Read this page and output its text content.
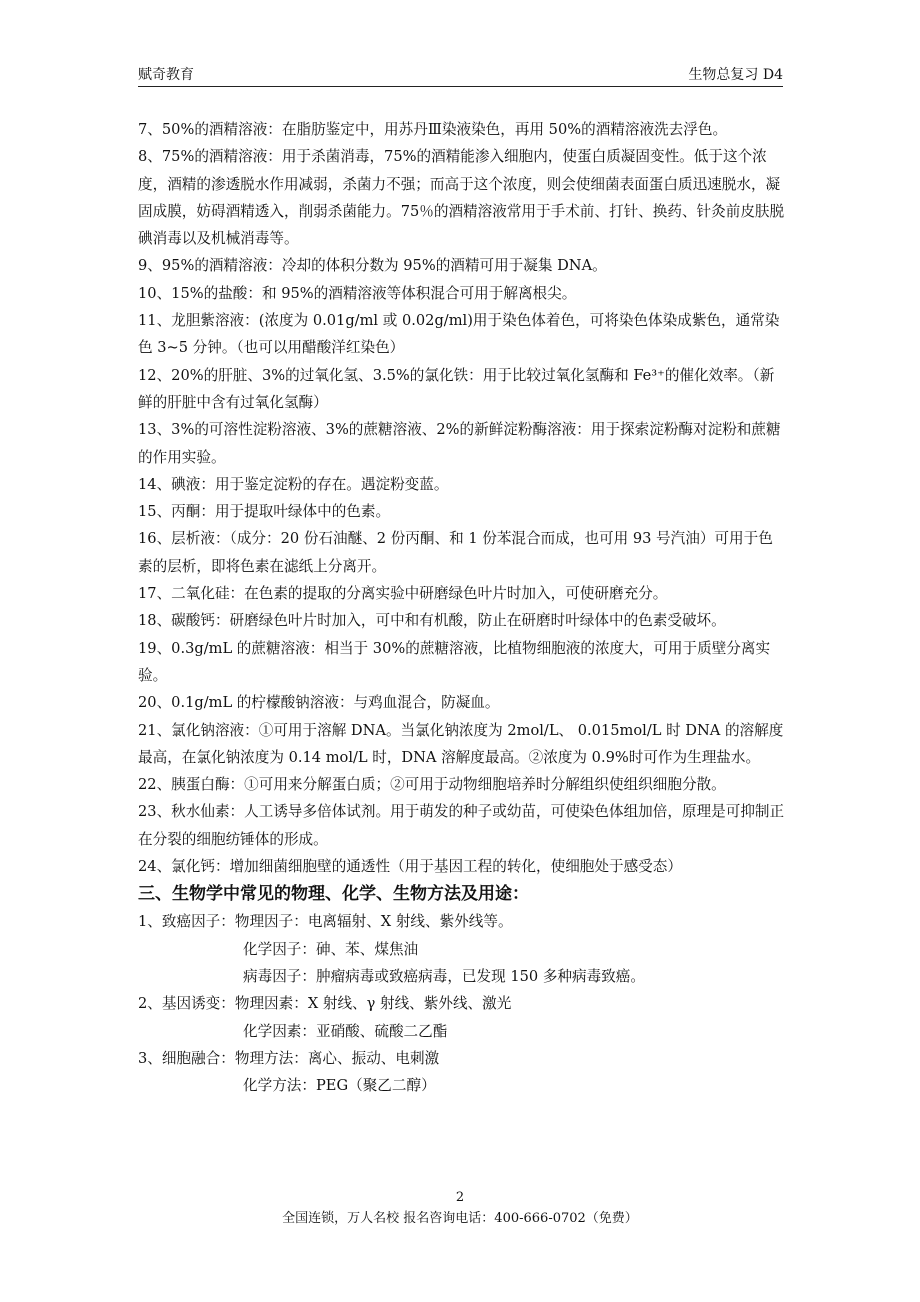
赋奇教育	生物总复习 D4

7、50%的酒精溶液：在脂肪鉴定中，用苏丹Ⅲ染液染色，再用 50%的酒精溶液洗去浮色。

8、75%的酒精溶液：用于杀菌消毒，75%的酒精能渗入细胞内，使蛋白质凝固变性。低于这个浓度，酒精的渗透脱水作用减弱，杀菌力不强；而高于这个浓度，则会使细菌表面蛋白质迅速脱水，凝固成膜，妨碍酒精透入，削弱杀菌能力。75％的酒精溶液常用于手术前、打针、换药、针灸前皮肤脱碘消毒以及机械消毒等。

9、95%的酒精溶液：冷却的体积分数为 95%的酒精可用于凝集 DNA。

10、15%的盐酸：和 95%的酒精溶液等体积混合可用于解离根尖。

11、龙胆紫溶液：(浓度为 0.01g/ml 或 0.02g/ml)用于染色体着色，可将染色体染成紫色，通常染色 3~5 分钟。（也可以用醋酸洋红染色）

12、20%的肝脏、3%的过氧化氢、3.5%的氯化铁：用于比较过氧化氢酶和 Fe³⁺的催化效率。（新鲜的肝脏中含有过氧化氢酶）

13、3%的可溶性淀粉溶液、3%的蔗糖溶液、2%的新鲜淀粉酶溶液：用于探索淀粉酶对淀粉和蔗糖的作用实验。

14、碘液：用于鉴定淀粉的存在。遇淀粉变蓝。

15、丙酮：用于提取叶绿体中的色素。

16、层析液：（成分：20 份石油醚、2 份丙酮、和 1 份苯混合而成，也可用 93 号汽油）可用于色素的层析，即将色素在滤纸上分离开。

17、二氧化硅：在色素的提取的分离实验中研磨绿色叶片时加入，可使研磨充分。

18、碳酸钙：研磨绿色叶片时加入，可中和有机酸，防止在研磨时叶绿体中的色素受破坏。

19、0.3g/mL 的蔗糖溶液：相当于 30%的蔗糖溶液，比植物细胞液的浓度大，可用于质壁分离实验。

20、0.1g/mL 的柠檬酸钠溶液：与鸡血混合，防凝血。

21、氯化钠溶液：①可用于溶解 DNA。当氯化钠浓度为 2mol/L、 0.015mol/L 时 DNA 的溶解度最高，在氯化钠浓度为 0.14 mol/L 时，DNA 溶解度最高。②浓度为 0.9%时可作为生理盐水。

22、胰蛋白酶：①可用来分解蛋白质；②可用于动物细胞培养时分解组织使组织细胞分散。

23、秋水仙素：人工诱导多倍体试剂。用于萌发的种子或幼苗，可使染色体组加倍，原理是可抑制正在分裂的细胞纺锤体的形成。

24、氯化钙：增加细菌细胞壁的通透性（用于基因工程的转化，使细胞处于感受态）

三、生物学中常见的物理、化学、生物方法及用途：

1、致癌因子：物理因子：电离辐射、X 射线、紫外线等。

化学因子：砷、苯、煤焦油

病毒因子：肿瘤病毒或致癌病毒，已发现 150 多种病毒致癌。

2、基因诱变：物理因素：X 射线、γ 射线、紫外线、激光

化学因素：亚硝酸、硫酸二乙酯

3、细胞融合：物理方法：离心、振动、电刺激

化学方法：PEG（聚乙二醇）

2
全国连锁，万人名校 报名咨询电话：400-666-0702（免费）
